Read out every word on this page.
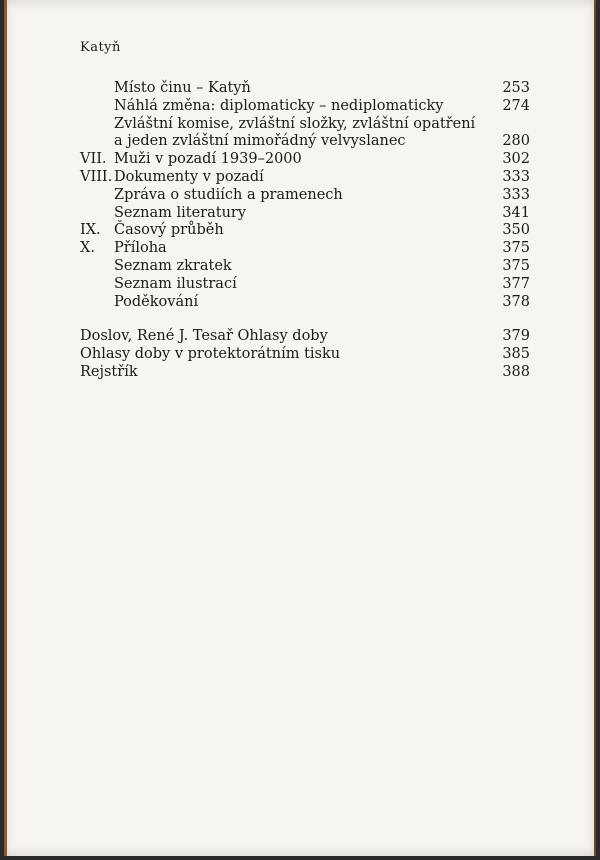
Katyň
Místo činu – Katyň	253
Náhlá změna: diplomaticky – nediplomaticky	274
Zvláštní komise, zvláštní složky, zvláštní opatření
a jeden zvláštní mimořádný velvyslanec	280
VII. Muži v pozadí 1939–2000	302
VIII. Dokumenty v pozadí	333
Zpráva o studiích a pramenech	333
Seznam literatury	341
IX. Časový průběh	350
X.	Příloha	375
Seznam zkratek	375
Seznam ilustrací	377
Poděkování	378
Doslov, René J. Tesař Ohlasy doby	379
Ohlasy doby v protektorátním tisku	385
Rejstřík	388
